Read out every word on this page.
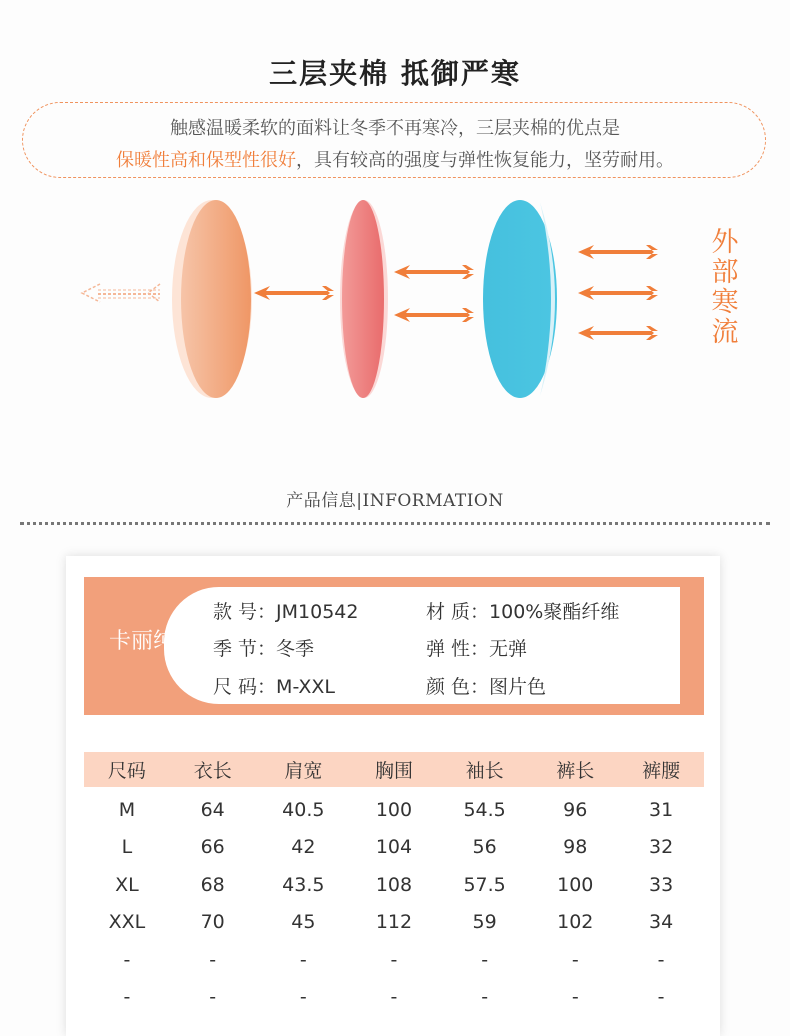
三层夹棉 抵御严寒
触感温暖柔软的面料让冬季不再寒冷，三层夹棉的优点是
保暖性高和保型性很好，具有较高的强度与弹性恢复能力，坚劳耐用。
外部寒流
产品信息|INFORMATION
卡丽纯
款 号：JM10542	材 质：100%聚酯纤维
季 节：冬季	弹 性：无弹
尺 码：M-XXL	颜 色：图片色
尺码	衣长	肩宽	胸围	袖长	裤长	裤腰
M	64	40.5	100	54.5	96	31
L	66	42	104	56	98	32
XL	68	43.5	108	57.5	100	33
XXL	70	45	112	59	102	34
-	-	-	-	-	-	-
-	-	-	-	-	-	-
